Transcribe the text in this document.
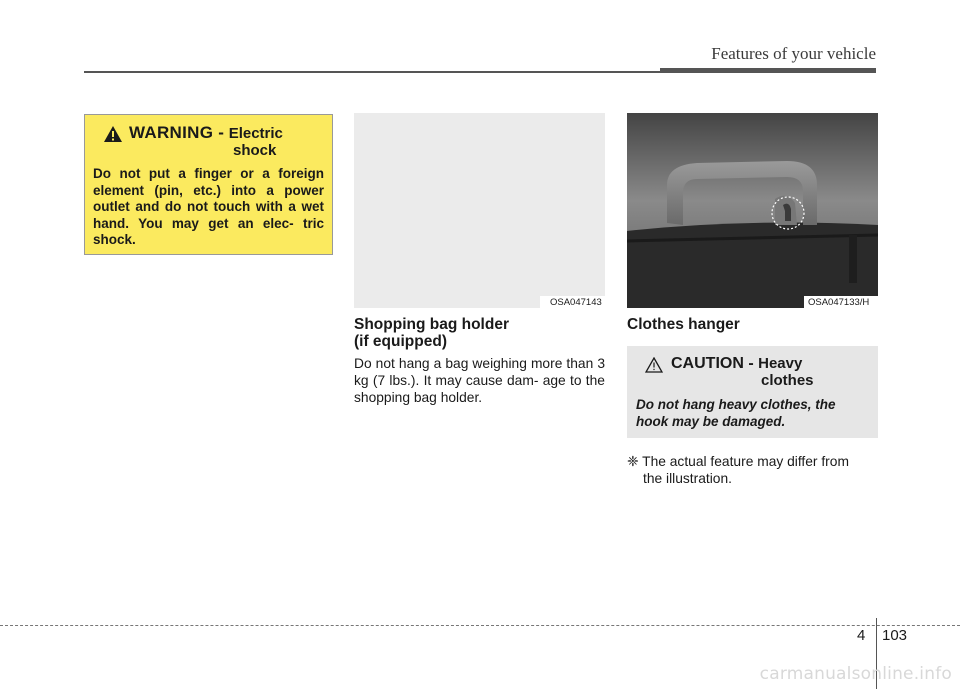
Features of your vehicle
WARNING - Electric
shock
Do not put a finger or a foreign element (pin, etc.) into a power outlet and do not touch with a wet hand. You may get an elec- tric shock.
OSA047143	OSA047133/H
Shopping bag holder
(if equipped)
Do not hang a bag weighing more than 3 kg (7 lbs.). It may cause dam- age to the shopping bag holder.
Clothes hanger
CAUTION - Heavy
clothes
Do not hang heavy clothes, the hook may be damaged.
❈ The actual feature may differ from
the illustration.
4 103
carmanualsonline.info
